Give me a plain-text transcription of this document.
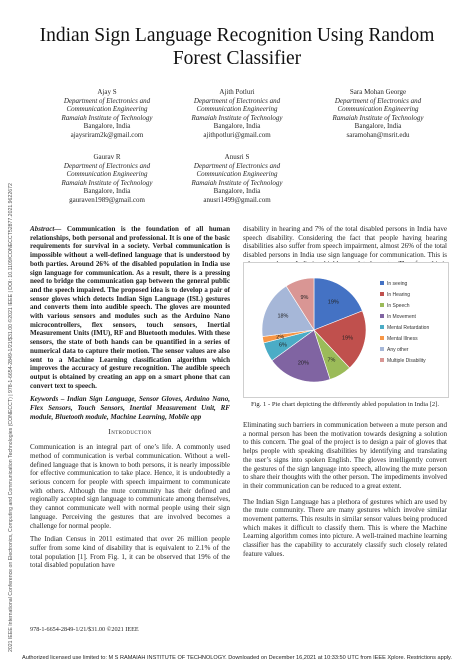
2021 IEEE International Conference on Electronics, Computing and Communication Technologies (CONECCT) | 978-1-6654-2849-1/21/$31.00 ©2021 IEEE | DOI: 10.1109/CONECCT52877.2021.9622672
Indian Sign Language Recognition Using Random
Forest Classifier
Ajay S
Department of Electronics and
Communication Engineering
Ramaiah Institute of Technology
Bangalore, India
ajaysriram2k@gmail.com
Ajith Potluri
Department of Electronics and
Communication Engineering
Ramaiah Institute of Technology
Bangalore, India
ajithpotluri@gmail.com
Sara Mohan George
Department of Electronics and
Communication Engineering
Ramaiah Institute of Technology
Bangalore, India
saramohan@msrit.edu
Gaurav R
Department of Electronics and
Communication Engineering
Ramaiah Institute of Technology
Bangalore, India
gauraven1989@gmail.com
Anusri S
Department of Electronics and
Communication Engineering
Ramaiah Institute of Technology
Bangalore, India
anusri1499@gmail.com

Abstract— Communication is the foundation of all human relationships, both personal and professional. It is one of the basic requirements for survival in a society. Verbal communication is impossible without a well-defined language that is understood by both parties. Around 26% of the disabled population in India use sign language for communication. As a result, there is a pressing need to bridge the communication gap between the general public and the speech impaired. The proposed idea is to develop a pair of sensor gloves which detects Indian Sign Language (ISL) gestures and converts them into audible speech. The gloves are mounted with various sensors and modules such as the Arduino Nano microcontrollers, flex sensors, touch sensors, Inertial Measurement Units (IMU), RF and Bluetooth modules. With these sensors, the state of both hands can be quantified in a series of numerical data to capture their motion. The sensor values are also sent to a Machine Learning classification algorithm which improves the accuracy of gesture recognition. The audible speech output is obtained by creating an app on a smart phone that can convert text to speech.

Keywords – Indian Sign Language, Sensor Gloves, Arduino Nano, Flex Sensors, Touch Sensors, Inertial Measurement Unit, RF module, Bluetooth module, Machine Learning, Mobile app

Introduction

Communication is an integral part of one’s life. A commonly used method of communication is verbal communication. Without a well-defined language that is known to both persons, it is nearly impossible for effective communication to take place. Hence, it is undoubtedly a serious concern for people with speech impairment to communicate with others. Although the mute community has their defined and regionally accepted sign language to communicate among themselves, they cannot communicate well with normal people using their sign language. Perceiving the gestures that are involved becomes a challenge for normal people.

The Indian Census in 2011 estimated that over 26 million people suffer from some kind of disability that is equivalent to 2.1% of the total population [1]. From Fig. 1, it can be observed that 19% of the total disabled population have

disability in hearing and 7% of the total disabled persons in India have speech disability. Considering the fact that people having hearing disabilities also suffer from speech impairment, almost 26% of the total disabled persons in India use sign language for communication. This is

19%
19%
7%
20%
6%
2%
18%
9%
In seeing
In Hearing
In Speech
In Movement
Mental Retardation
Mental Illness
Any other
Multiple Disability
Fig. 1 - Pie chart depicting the differently abled population in India [2].

Eliminating such barriers in communication between a mute person and a normal person has been the motivation towards designing a solution to this concern. The goal of the project is to design a pair of gloves that helps people with speaking disabilities by identifying and translating the user’s signs into spoken English. The gloves intelligently convert the gestures of the sign language into speech, allowing the mute person to share their thoughts with the other person. The impediments involved in their communication can be reduced to a great extent.

The Indian Sign Language has a plethora of gestures which are used by the mute community. There are many gestures which involve similar movement patterns. This results in similar sensor values being produced which makes it difficult to classify them. This is where the Machine Learning algorithm comes into picture. A well-trained machine learning classifier has the capability to accurately classify such closely related feature values.

978-1-6654-2849-1/21/$31.00 ©2021 IEEE
Authorized licensed use limited to: M S RAMAIAH INSTITUTE OF TECHNOLOGY. Downloaded on December 16,2021 at 10:33:50 UTC from IEEE Xplore. Restrictions apply.
